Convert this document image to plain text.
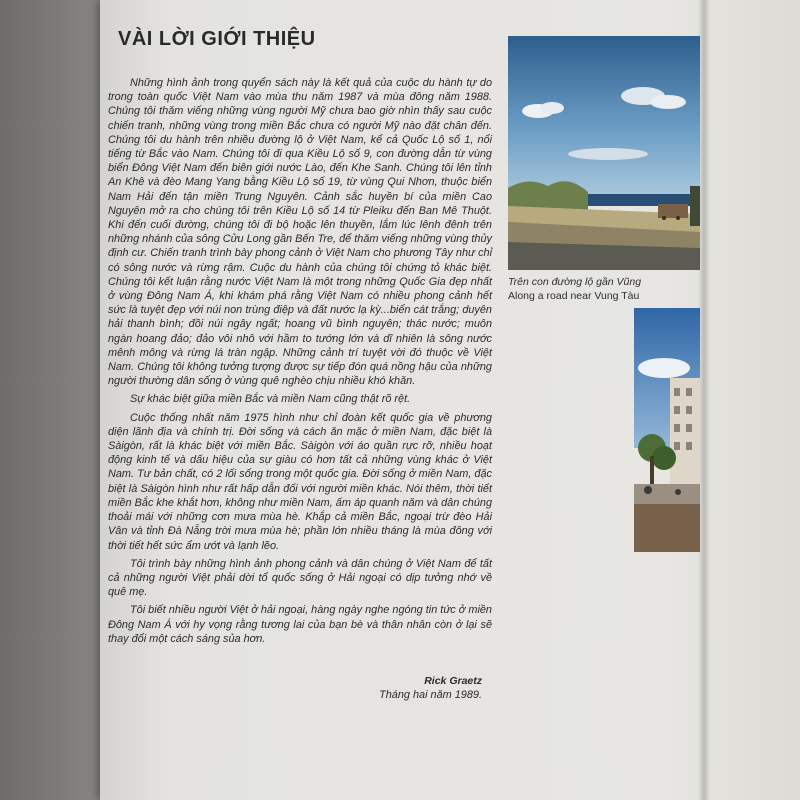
VÀI LỜI GIỚI THIỆU

Những hình ảnh trong quyển sách này là kết quả của cuộc du hành tự do trong toàn quốc Việt Nam vào mùa thu năm 1987 và mùa đông năm 1988. Chúng tôi thăm viếng những vùng người Mỹ chưa bao giờ nhìn thấy sau cuộc chiến tranh, những vùng trong miền Bắc chưa có người Mỹ nào đặt chân đến. Chúng tôi du hành trên nhiều đường lộ ở Việt Nam, kể cả Quốc Lộ số 1, nổi tiếng từ Bắc vào Nam. Chúng tôi đi qua Kiều Lộ số 9, con đường dẫn từ vùng biển Đông Việt Nam đến biên giới nước Lào, đến Khe Sanh. Chúng tôi lên tỉnh An Khê và đèo Mang Yang bằng Kiều Lộ số 19, từ vùng Qui Nhơn, thuộc biển Nam Hải đến tận miền Trung Nguyên. Cảnh sắc huyền bí của miền Cao Nguyên mở ra cho chúng tôi trên Kiều Lộ số 14 từ Pleiku đến Ban Mê Thuột. Khi đến cuối đường, chúng tôi đi bộ hoặc lên thuyền, lắm lúc lênh đênh trên những nhánh của sông Cửu Long gần Bến Tre, để thăm viếng những vùng thủy định cư. Chiến tranh trình bày phong cảnh ở Việt Nam cho phương Tây như chỉ có sông nước và rừng rậm. Cuộc du hành của chúng tôi chứng tỏ khác biệt. Chúng tôi kết luận rằng nước Việt Nam là một trong những Quốc Gia đẹp nhất ở vùng Đông Nam Á, khi khám phá rằng Việt Nam có nhiều phong cảnh hết sức là tuyệt đẹp với núi non trùng điệp và đất nước lạ kỳ...biển cát trắng; duyên hải thanh bình; đồi núi ngây ngất; hoang vũ bình nguyên; thác nước; muôn ngàn hoang đảo; đảo vôi nhô với hầm to tướng lớn và dĩ nhiên là sông nước mênh mông và rừng lá tràn ngập. Những cảnh trí tuyệt vời đó thuộc về Việt Nam. Chúng tôi không tưởng tượng được sự tiếp đón quá nồng hậu của những người thường dân sống ở vùng quê nghèo chịu nhiều khó khăn.

Sự khác biệt giữa miền Bắc và miền Nam cũng thật rõ rệt.

Cuộc thống nhất năm 1975 hình như chỉ đoàn kết quốc gia về phương diện lãnh địa và chính trị. Đời sống và cách ăn mặc ở miền Nam, đặc biệt là Sàigòn, rất là khác biệt với miền Bắc. Sàigòn với áo quần rực rỡ, nhiều hoạt động kinh tế và dấu hiệu của sự giàu có hơn tất cả những vùng khác ở Việt Nam. Tư bản chất, có 2 lối sống trong một quốc gia. Đời sống ở miền Nam, đặc biệt là Sàigòn hình như rất hấp dẫn đối với người miền khác. Nói thêm, thời tiết miền Bắc khe khắt hơn, không như miền Nam, ấm áp quanh năm và dân chúng thoải mái với những cơn mưa mùa hè. Khắp cả miền Bắc, ngoại trừ đèo Hải Vân và tỉnh Đà Nẵng trời mưa mùa hè; phần lớn nhiều tháng là mùa đông với thời tiết hết sức ẩm ướt và lạnh lẽo.

Tôi trình bày những hình ảnh phong cảnh và dân chúng ở Việt Nam để tất cả những người Việt phải dời tổ quốc sống ở Hải ngoại có dịp tưởng nhớ về quê mẹ.

Tôi biết nhiều người Việt ở hải ngoại, hàng ngày nghe ngóng tin tức ở miền Đông Nam Á với hy vọng rằng tương lai của bạn bè và thân nhân còn ở lại sẽ thay đổi một cách sáng sủa hơn.

Rick Graetz
Tháng hai năm 1989.
Trên con đường lộ gần Vũng
Along a road near Vung Tàu
